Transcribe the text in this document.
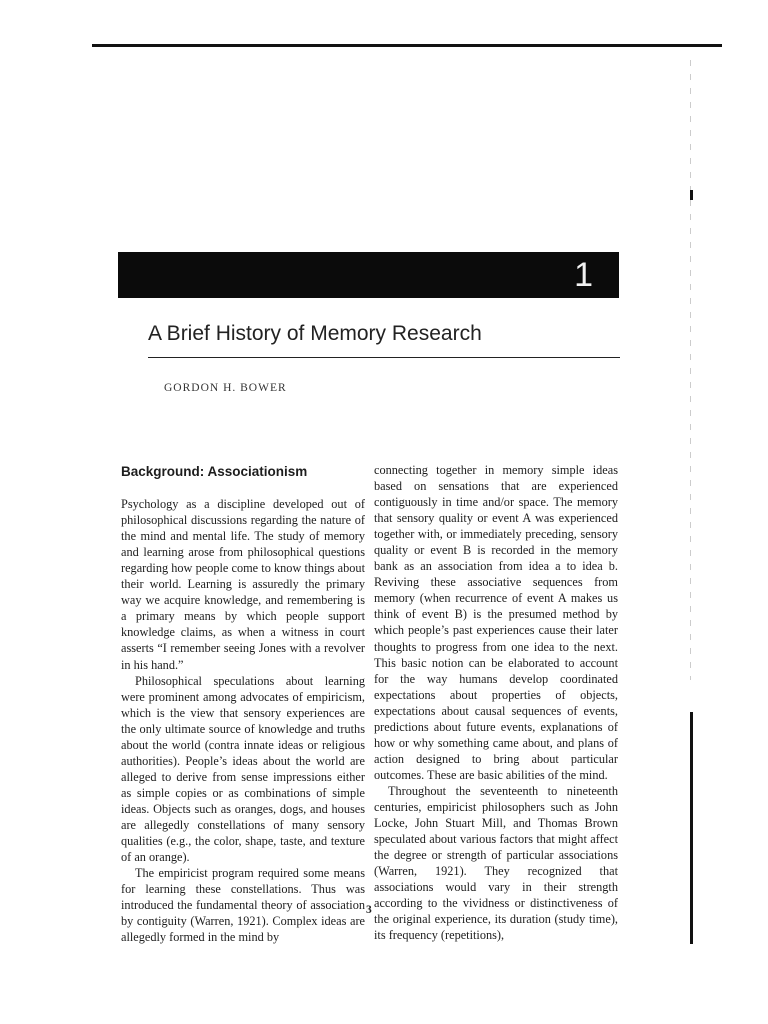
1
A Brief History of Memory Research
GORDON H. BOWER
Background: Associationism

Psychology as a discipline developed out of philosophical discussions regarding the nature of the mind and mental life. The study of memory and learning arose from philosophical questions regarding how people come to know things about their world. Learning is assuredly the primary way we acquire knowledge, and remembering is a primary means by which people support knowledge claims, as when a witness in court asserts “I remember seeing Jones with a revolver in his hand.”

Philosophical speculations about learning were prominent among advocates of empiricism, which is the view that sensory experiences are the only ultimate source of knowledge and truths about the world (contra innate ideas or religious authorities). People’s ideas about the world are alleged to derive from sense impressions either as simple copies or as combinations of simple ideas. Objects such as oranges, dogs, and houses are allegedly constellations of many sensory qualities (e.g., the color, shape, taste, and texture of an orange).

The empiricist program required some means for learning these constellations. Thus was introduced the fundamental theory of association by contiguity (Warren, 1921). Complex ideas are allegedly formed in the mind by

connecting together in memory simple ideas based on sensations that are experienced contiguously in time and/or space. The memory that sensory quality or event A was experienced together with, or immediately preceding, sensory quality or event B is recorded in the memory bank as an association from idea a to idea b. Reviving these associative sequences from memory (when recurrence of event A makes us think of event B) is the presumed method by which people’s past experiences cause their later thoughts to progress from one idea to the next. This basic notion can be elaborated to account for the way humans develop coordinated expectations about properties of objects, expectations about causal sequences of events, predictions about future events, explanations of how or why something came about, and plans of action designed to bring about particular outcomes. These are basic abilities of the mind.

Throughout the seventeenth to nineteenth centuries, empiricist philosophers such as John Locke, John Stuart Mill, and Thomas Brown speculated about various factors that might affect the degree or strength of particular associations (Warren, 1921). They recognized that associations would vary in their strength according to the vividness or distinctiveness of the original experience, its duration (study time), its frequency (repetitions),

3
